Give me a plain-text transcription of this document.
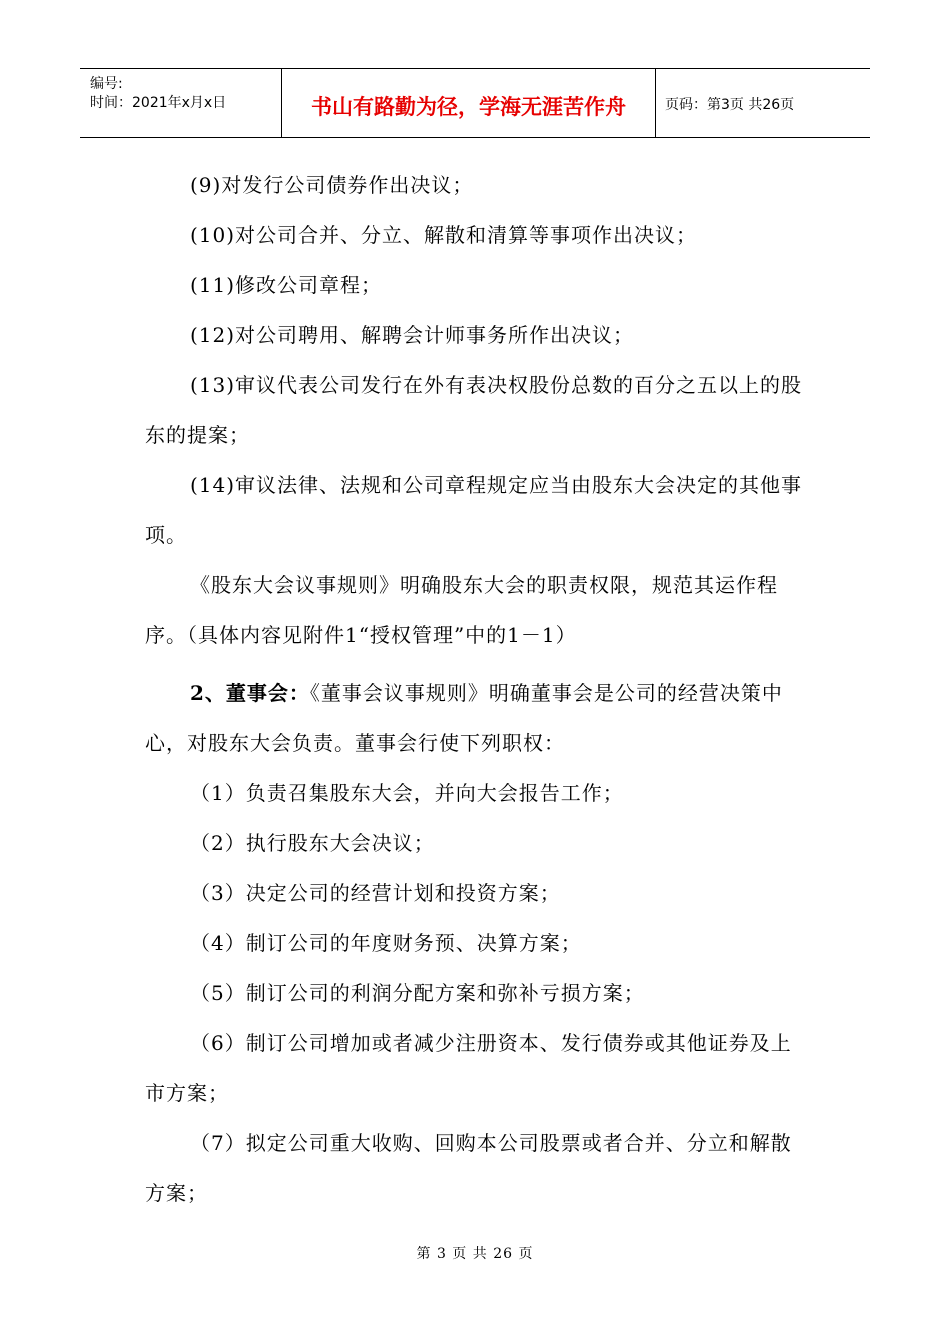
编号:
时间：2021年x月x日	书山有路勤为径，学海无涯苦作舟	页码：第3页 共26页

(9)对发行公司债券作出决议；

(10)对公司合并、分立、解散和清算等事项作出决议；

(11)修改公司章程；

(12)对公司聘用、解聘会计师事务所作出决议；

(13)审议代表公司发行在外有表决权股份总数的百分之五以上的股东的提案；

(14)审议法律、法规和公司章程规定应当由股东大会决定的其他事项。

《股东大会议事规则》明确股东大会的职责权限，规范其运作程序。（具体内容见附件1“授权管理”中的1－1）

2、董事会：《董事会议事规则》明确董事会是公司的经营决策中心，对股东大会负责。董事会行使下列职权：

（1）负责召集股东大会，并向大会报告工作；

（2）执行股东大会决议；

（3）决定公司的经营计划和投资方案；

（4）制订公司的年度财务预、决算方案；

（5）制订公司的利润分配方案和弥补亏损方案；

（6）制订公司增加或者减少注册资本、发行债券或其他证券及上市方案；

（7）拟定公司重大收购、回购本公司股票或者合并、分立和解散方案；

第 3 页 共 26 页
